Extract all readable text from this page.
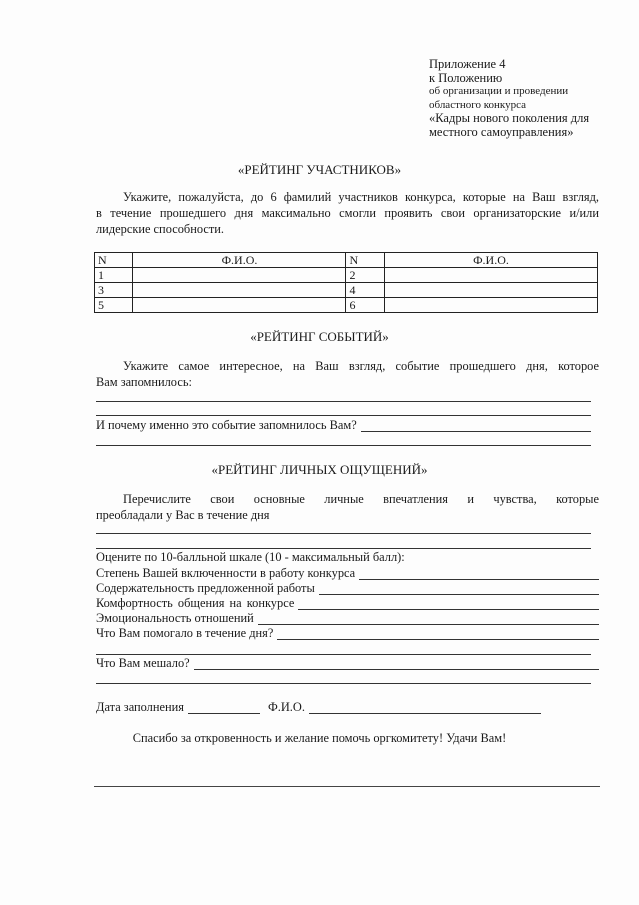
Приложение 4
к Положению
об организации и проведении
областного конкурса
«Кадры нового поколения для
местного самоуправления»
«РЕЙТИНГ УЧАСТНИКОВ»
Укажите, пожалуйста, до 6 фамилий участников конкурса, которые на Ваш взгляд,
в течение прошедшего дня максимально смогли проявить свои организаторские и/или
лидерские способности.
N	Ф.И.О.	N	Ф.И.О.
1		2	
3		4	
5		6	
«РЕЙТИНГ СОБЫТИЙ»
Укажите самое интересное, на Ваш взгляд, событие прошедшего дня, которое
Вам запомнилось:
И почему именно это событие запомнилось Вам?
«РЕЙТИНГ ЛИЧНЫХ ОЩУЩЕНИЙ»
Перечислите свои основные личные впечатления и чувства, которые
преобладали у Вас в течение дня
Оцените по 10-балльной шкале (10 - максимальный балл):
Степень Вашей включенности в работу конкурса
Содержательность предложенной работы
Комфортность общения на конкурсе
Эмоциональность отношений
Что Вам помогало в течение дня?
Что Вам мешало?
Дата заполнения	Ф.И.О.
Спасибо за откровенность и желание помочь оргкомитету! Удачи Вам!
